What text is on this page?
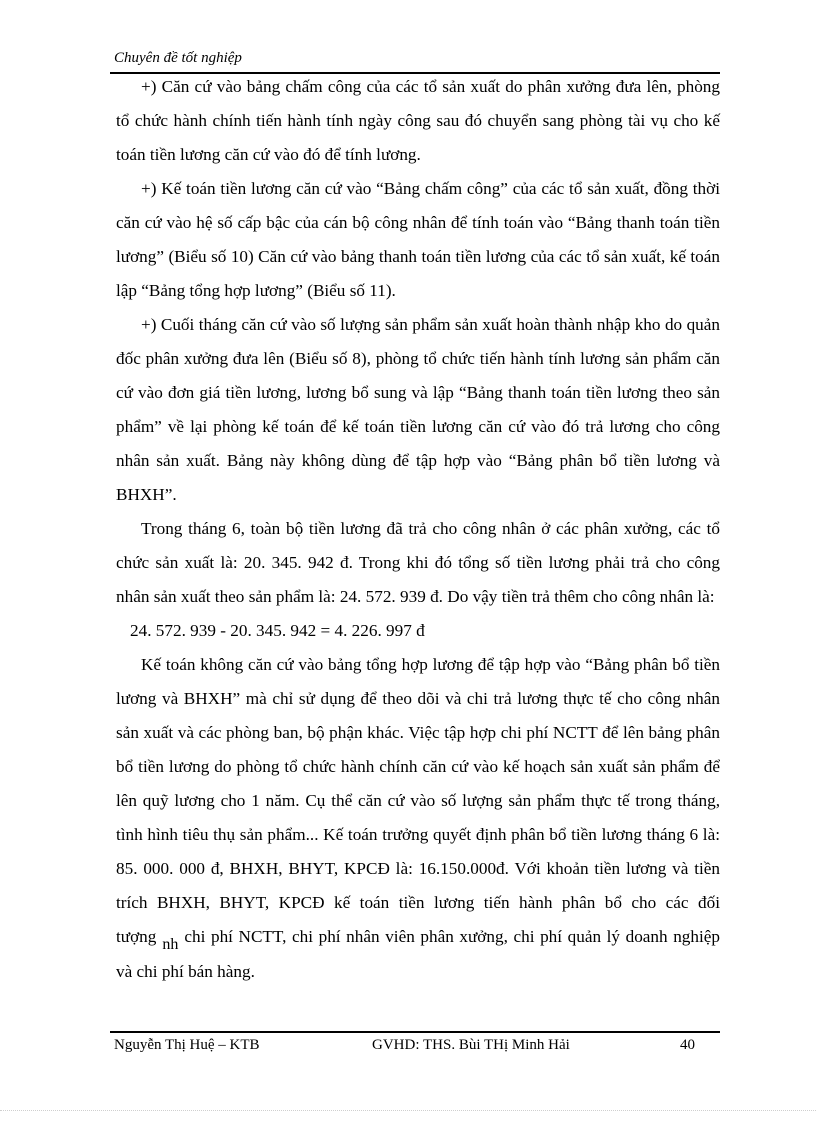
Chuyên đề tốt nghiệp

+) Căn cứ vào bảng chấm công của các tổ sản xuất do phân xưởng đưa lên, phòng tổ chức hành chính tiến hành tính ngày công sau đó chuyển sang phòng tài vụ cho kế toán tiền lương căn cứ vào đó để tính lương.

+) Kế toán tiền lương căn cứ vào “Bảng chấm công” của các tổ sản xuất, đồng thời căn cứ vào hệ số cấp bậc của cán bộ công nhân để tính toán vào “Bảng thanh toán tiền lương” (Biểu số 10) Căn cứ vào bảng thanh toán tiền lương của các tổ sản xuất, kế toán lập “Bảng tổng hợp lương” (Biểu số 11).

+) Cuối tháng căn cứ vào số lượng sản phẩm sản xuất hoàn thành nhập kho do quản đốc phân xưởng đưa lên (Biểu số 8), phòng tổ chức tiến hành tính lương sản phẩm căn cứ vào đơn giá tiền lương, lương bổ sung và lập “Bảng thanh toán tiền lương theo sản phẩm” về lại phòng kế toán để kế toán tiền lương căn cứ vào đó trả lương cho công nhân sản xuất. Bảng này không dùng để tập hợp vào “Bảng phân bổ tiền lương và BHXH”.

Trong tháng 6, toàn bộ tiền lương đã trả cho công nhân ở các phân xưởng, các tổ chức sản xuất là: 20. 345. 942 đ. Trong khi đó tổng số tiền lương phải trả cho công nhân sản xuất theo sản phẩm là: 24. 572. 939 đ. Do vậy tiền trả thêm cho công nhân là:

24. 572. 939 - 20. 345. 942 = 4. 226. 997 đ

Kế toán không căn cứ vào bảng tổng hợp lương để tập hợp vào “Bảng phân bổ tiền lương và BHXH” mà chỉ sử dụng để theo dõi và chi trả lương thực tế cho công nhân sản xuất và các phòng ban, bộ phận khác. Việc tập hợp chi phí NCTT để lên bảng phân bổ tiền lương do phòng tổ chức hành chính căn cứ vào kế hoạch sản xuất sản phẩm để lên quỹ lương cho 1 năm. Cụ thể căn cứ vào số lượng sản phẩm thực tế trong tháng, tình hình tiêu thụ sản phẩm... Kế toán trưởng quyết định phân bổ tiền lương tháng 6 là: 85. 000. 000 đ, BHXH, BHYT, KPCĐ là: 16.150.000đ. Với khoản tiền lương và tiền trích BHXH, BHYT, KPCĐ kế toán tiền lương tiến hành phân bổ cho các đối tượng nh chi phí NCTT, chi phí nhân viên phân xưởng, chi phí quản lý doanh nghiệp và chi phí bán hàng.

Nguyễn Thị Huệ – KTB	GVHD: THS. Bùi THị Minh Hải	40
